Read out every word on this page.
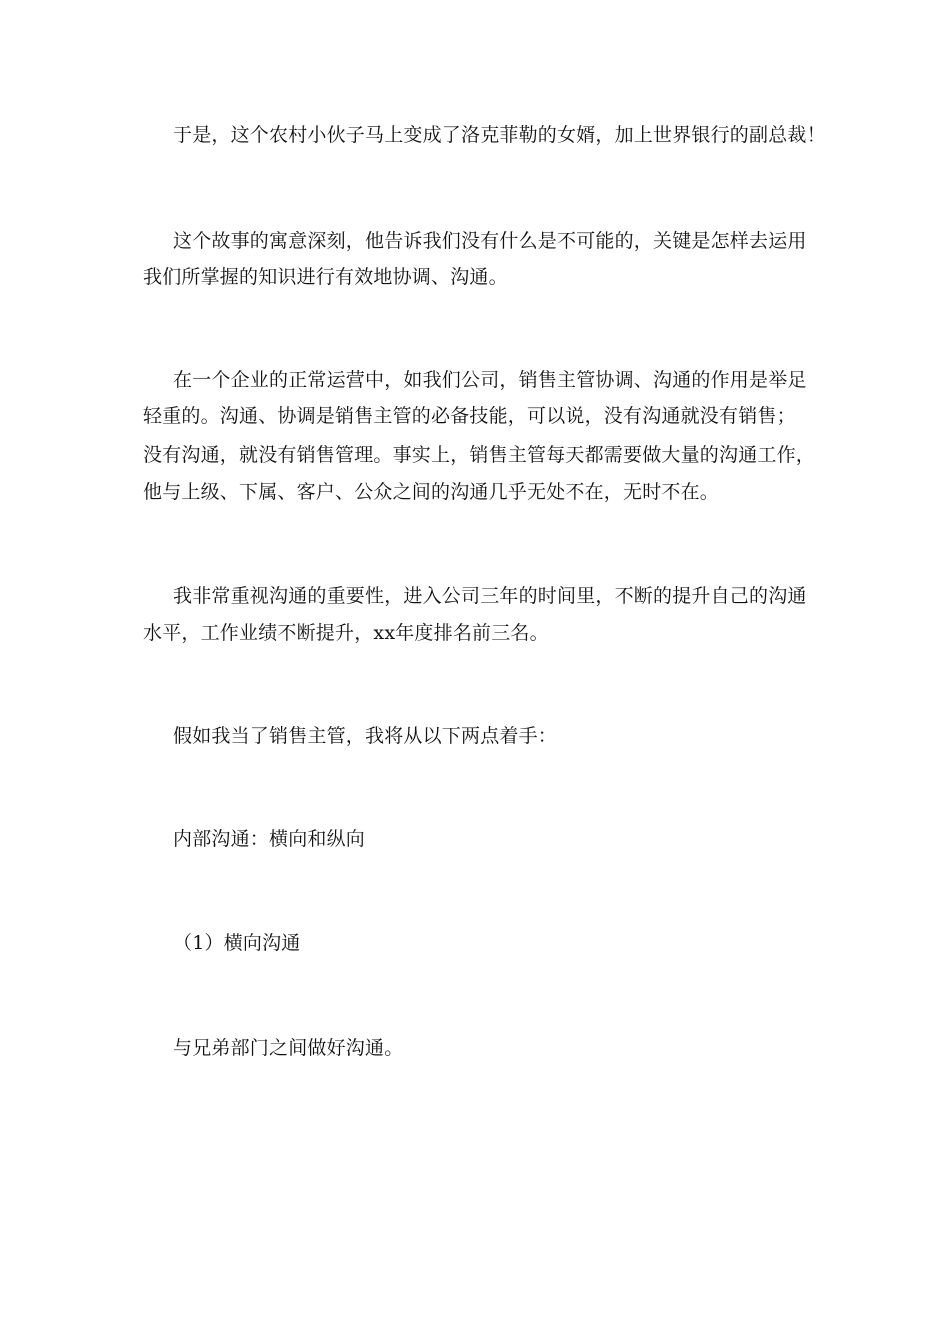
于是，这个农村小伙子马上变成了洛克菲勒的女婿，加上世界银行的副总裁！
这个故事的寓意深刻，他告诉我们没有什么是不可能的，关键是怎样去运用
我们所掌握的知识进行有效地协调、沟通。
在一个企业的正常运营中，如我们公司，销售主管协调、沟通的作用是举足
轻重的。沟通、协调是销售主管的必备技能，可以说，没有沟通就没有销售；
没有沟通，就没有销售管理。事实上，销售主管每天都需要做大量的沟通工作，
他与上级、下属、客户、公众之间的沟通几乎无处不在，无时不在。
我非常重视沟通的重要性，进入公司三年的时间里，不断的提升自己的沟通
水平，工作业绩不断提升，xx年度排名前三名。
假如我当了销售主管，我将从以下两点着手：
内部沟通：横向和纵向
（1）横向沟通
与兄弟部门之间做好沟通。
